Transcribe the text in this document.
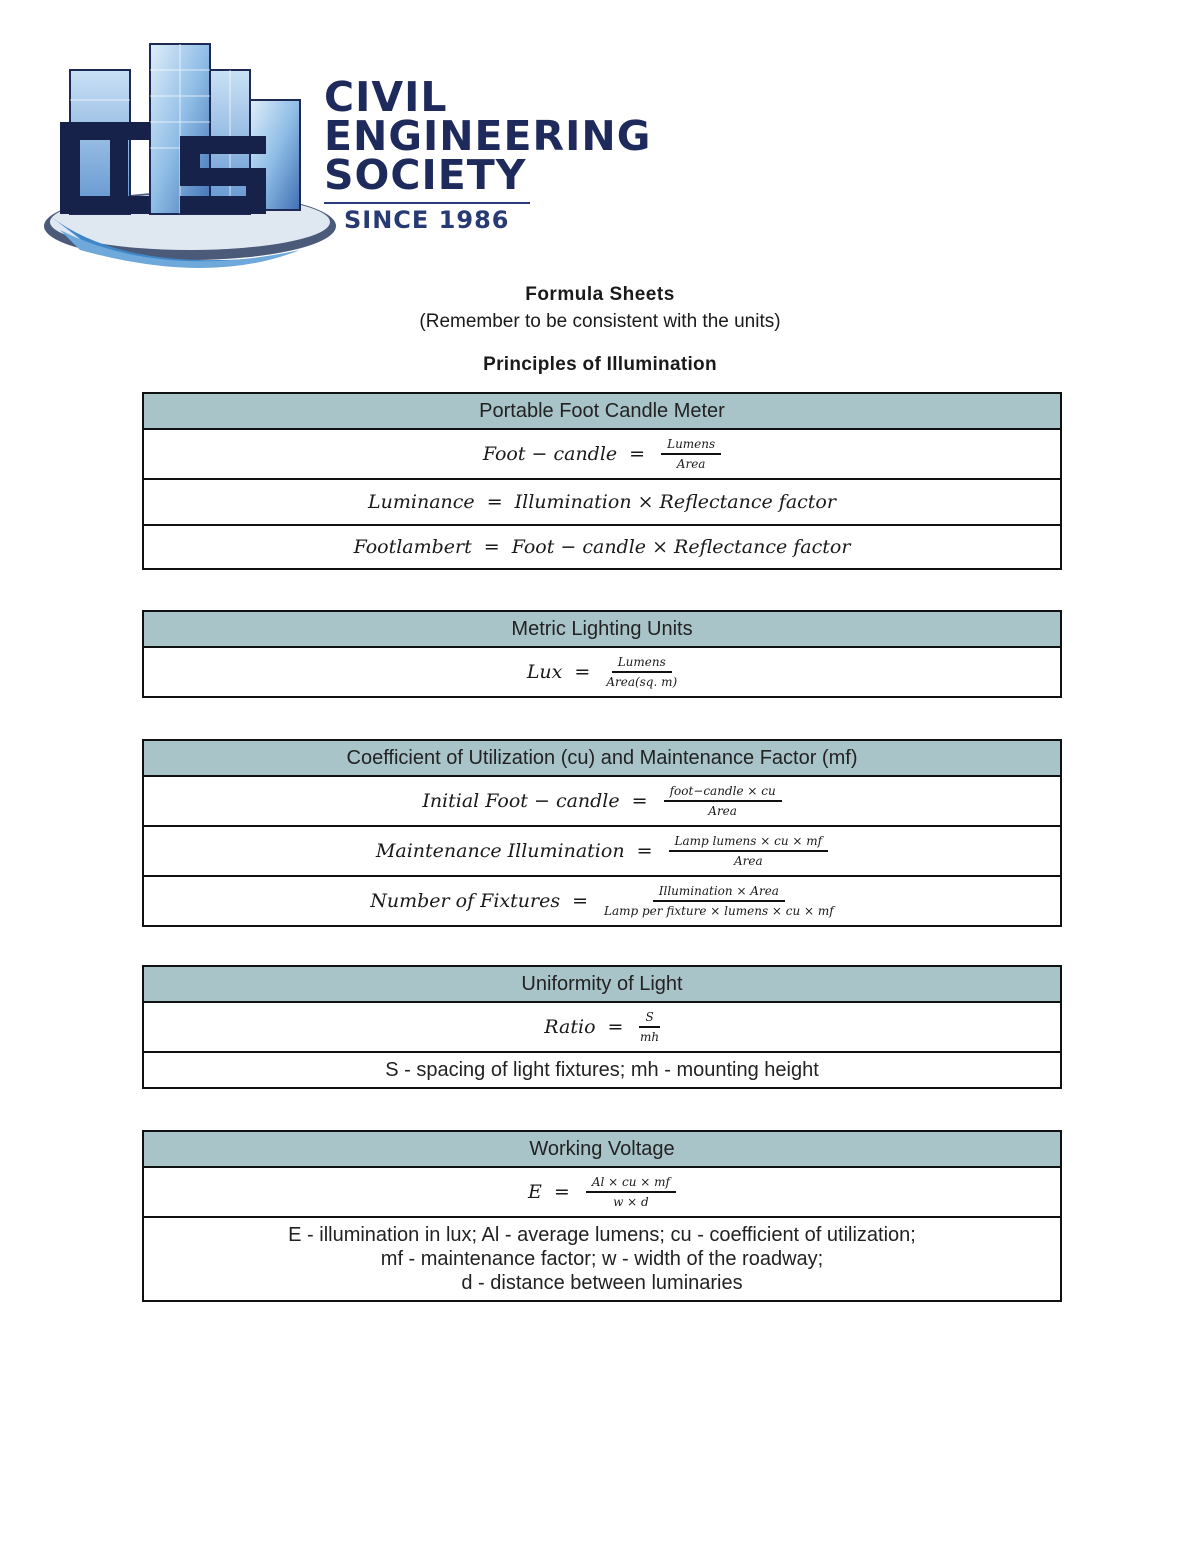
CIVIL
ENGINEERING
SOCIETY
SINCE 1986
Formula Sheets
(Remember to be consistent with the units)
Principles of Illumination
Portable Foot Candle Meter
Foot − candle = $\frac{\text{Lumens}}{\text{Area}}$
Luminance = Illumination × Reflectance factor
Footlambert = Foot − candle × Reflectance factor
Metric Lighting Units
Lux = $\frac{\text{Lumens}}{\text{Area(sq. m)}}$
Coefficient of Utilization (cu) and Maintenance Factor (mf)
Initial Foot − candle = $\frac{\text{foot−candle × cu}}{\text{Area}}$
Maintenance Illumination = $\frac{\text{Lamp lumens × cu × mf}}{\text{Area}}$
Number of Fixtures = $\frac{\text{Illumination × Area}}{\text{Lamp per fixture × lumens × cu × mf}}$
Uniformity of Light
Ratio = $\frac{S}{mh}$
S - spacing of light fixtures; mh - mounting height
Working Voltage
$E = \frac{Al \times cu \times mf}{w \times d}$
E - illumination in lux; Al - average lumens; cu - coefficient of utilization;
mf - maintenance factor; w - width of the roadway;
d - distance between luminaries
